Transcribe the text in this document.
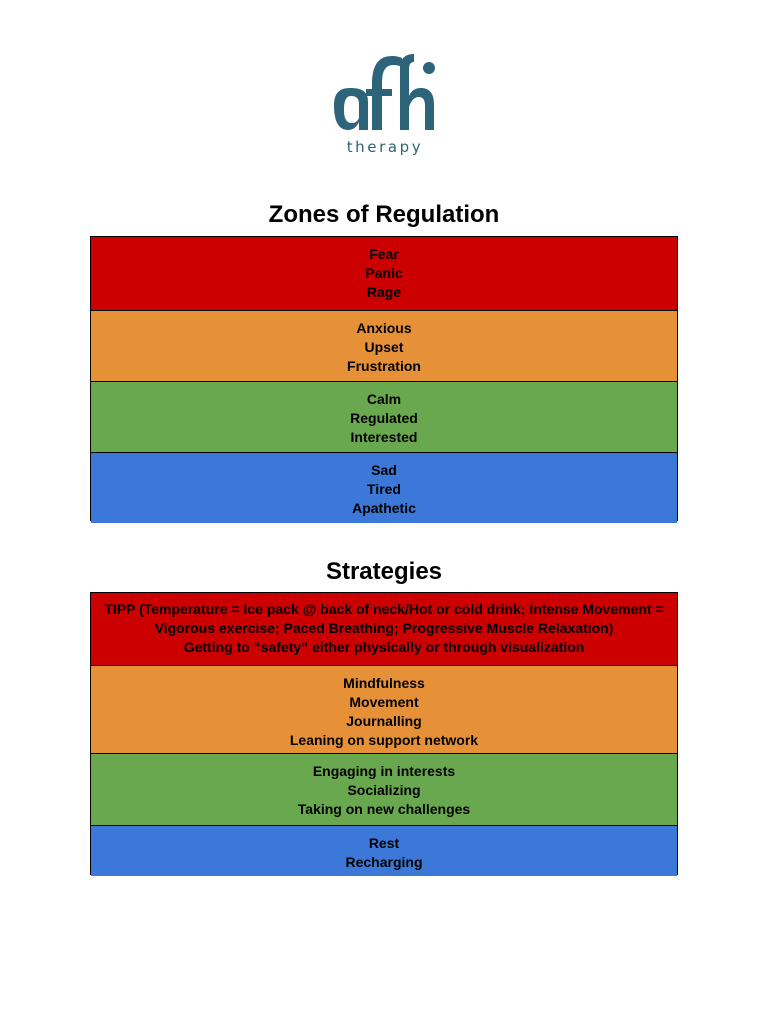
therapy
Zones of Regulation
Fear
Panic
Rage
Anxious
Upset
Frustration
Calm
Regulated
Interested
Sad
Tired
Apathetic
Strategies
TIPP (Temperature = Ice pack @ back of neck/Hot or cold drink; Intense Movement = Vigorous exercise; Paced Breathing; Progressive Muscle Relaxation)
Getting to “safety” either physically or through visualization
Mindfulness
Movement
Journalling
Leaning on support network
Engaging in interests
Socializing
Taking on new challenges
Rest
Recharging
